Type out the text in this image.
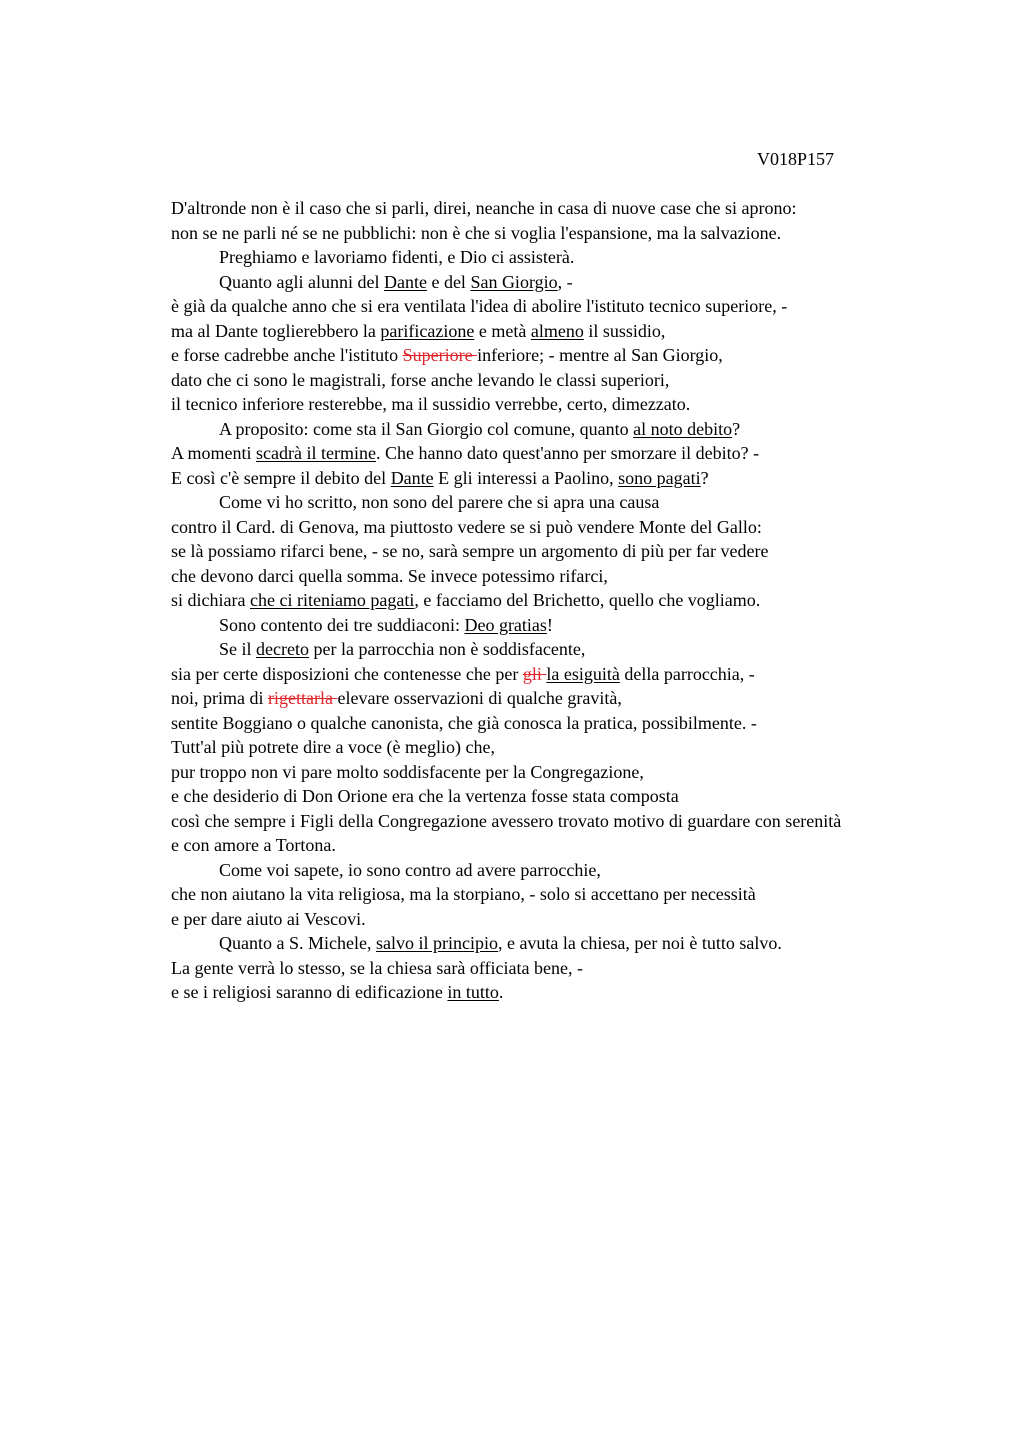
V018P157
D'altronde non è il caso che si parli, direi, neanche in casa di nuove case che si aprono:
non se ne parli né se ne pubblichi: non è che si voglia l'espansione, ma la salvazione.
Preghiamo e lavoriamo fidenti, e Dio ci assisterà.
Quanto agli alunni del Dante e del San Giorgio, -
è già da qualche anno che si era ventilata l'idea di abolire l'istituto tecnico superiore, -
ma al Dante toglierebbero la parificazione e metà almeno il sussidio,
e forse cadrebbe anche l'istituto Superiore inferiore; - mentre al San Giorgio,
dato che ci sono le magistrali, forse anche levando le classi superiori,
il tecnico inferiore resterebbe, ma il sussidio verrebbe, certo, dimezzato.
A proposito: come sta il San Giorgio col comune, quanto al noto debito?
A momenti scadrà il termine. Che hanno dato quest'anno per smorzare il debito? -
E così c'è sempre il debito del Dante E gli interessi a Paolino, sono pagati?
Come vi ho scritto, non sono del parere che si apra una causa
contro il Card. di Genova, ma piuttosto vedere se si può vendere Monte del Gallo:
se là possiamo rifarci bene, - se no, sarà sempre un argomento di più per far vedere
che devono darci quella somma. Se invece potessimo rifarci,
si dichiara che ci riteniamo pagati, e facciamo del Brichetto, quello che vogliamo.
Sono contento dei tre suddiaconi: Deo gratias!
Se il decreto per la parrocchia non è soddisfacente,
sia per certe disposizioni che contenesse che per gli la esiguità della parrocchia, -
noi, prima di rigettarla elevare osservazioni di qualche gravità,
sentite Boggiano o qualche canonista, che già conosca la pratica, possibilmente. -
Tutt'al più potrete dire a voce (è meglio) che,
pur troppo non vi pare molto soddisfacente per la Congregazione,
e che desiderio di Don Orione era che la vertenza fosse stata composta
così che sempre i Figli della Congregazione avessero trovato motivo di guardare con serenità
e con amore a Tortona.
Come voi sapete, io sono contro ad avere parrocchie,
che non aiutano la vita religiosa, ma la storpiano, - solo si accettano per necessità
e per dare aiuto ai Vescovi.
Quanto a S. Michele, salvo il principio, e avuta la chiesa, per noi è tutto salvo.
La gente verrà lo stesso, se la chiesa sarà officiata bene, -
e se i religiosi saranno di edificazione in tutto.
